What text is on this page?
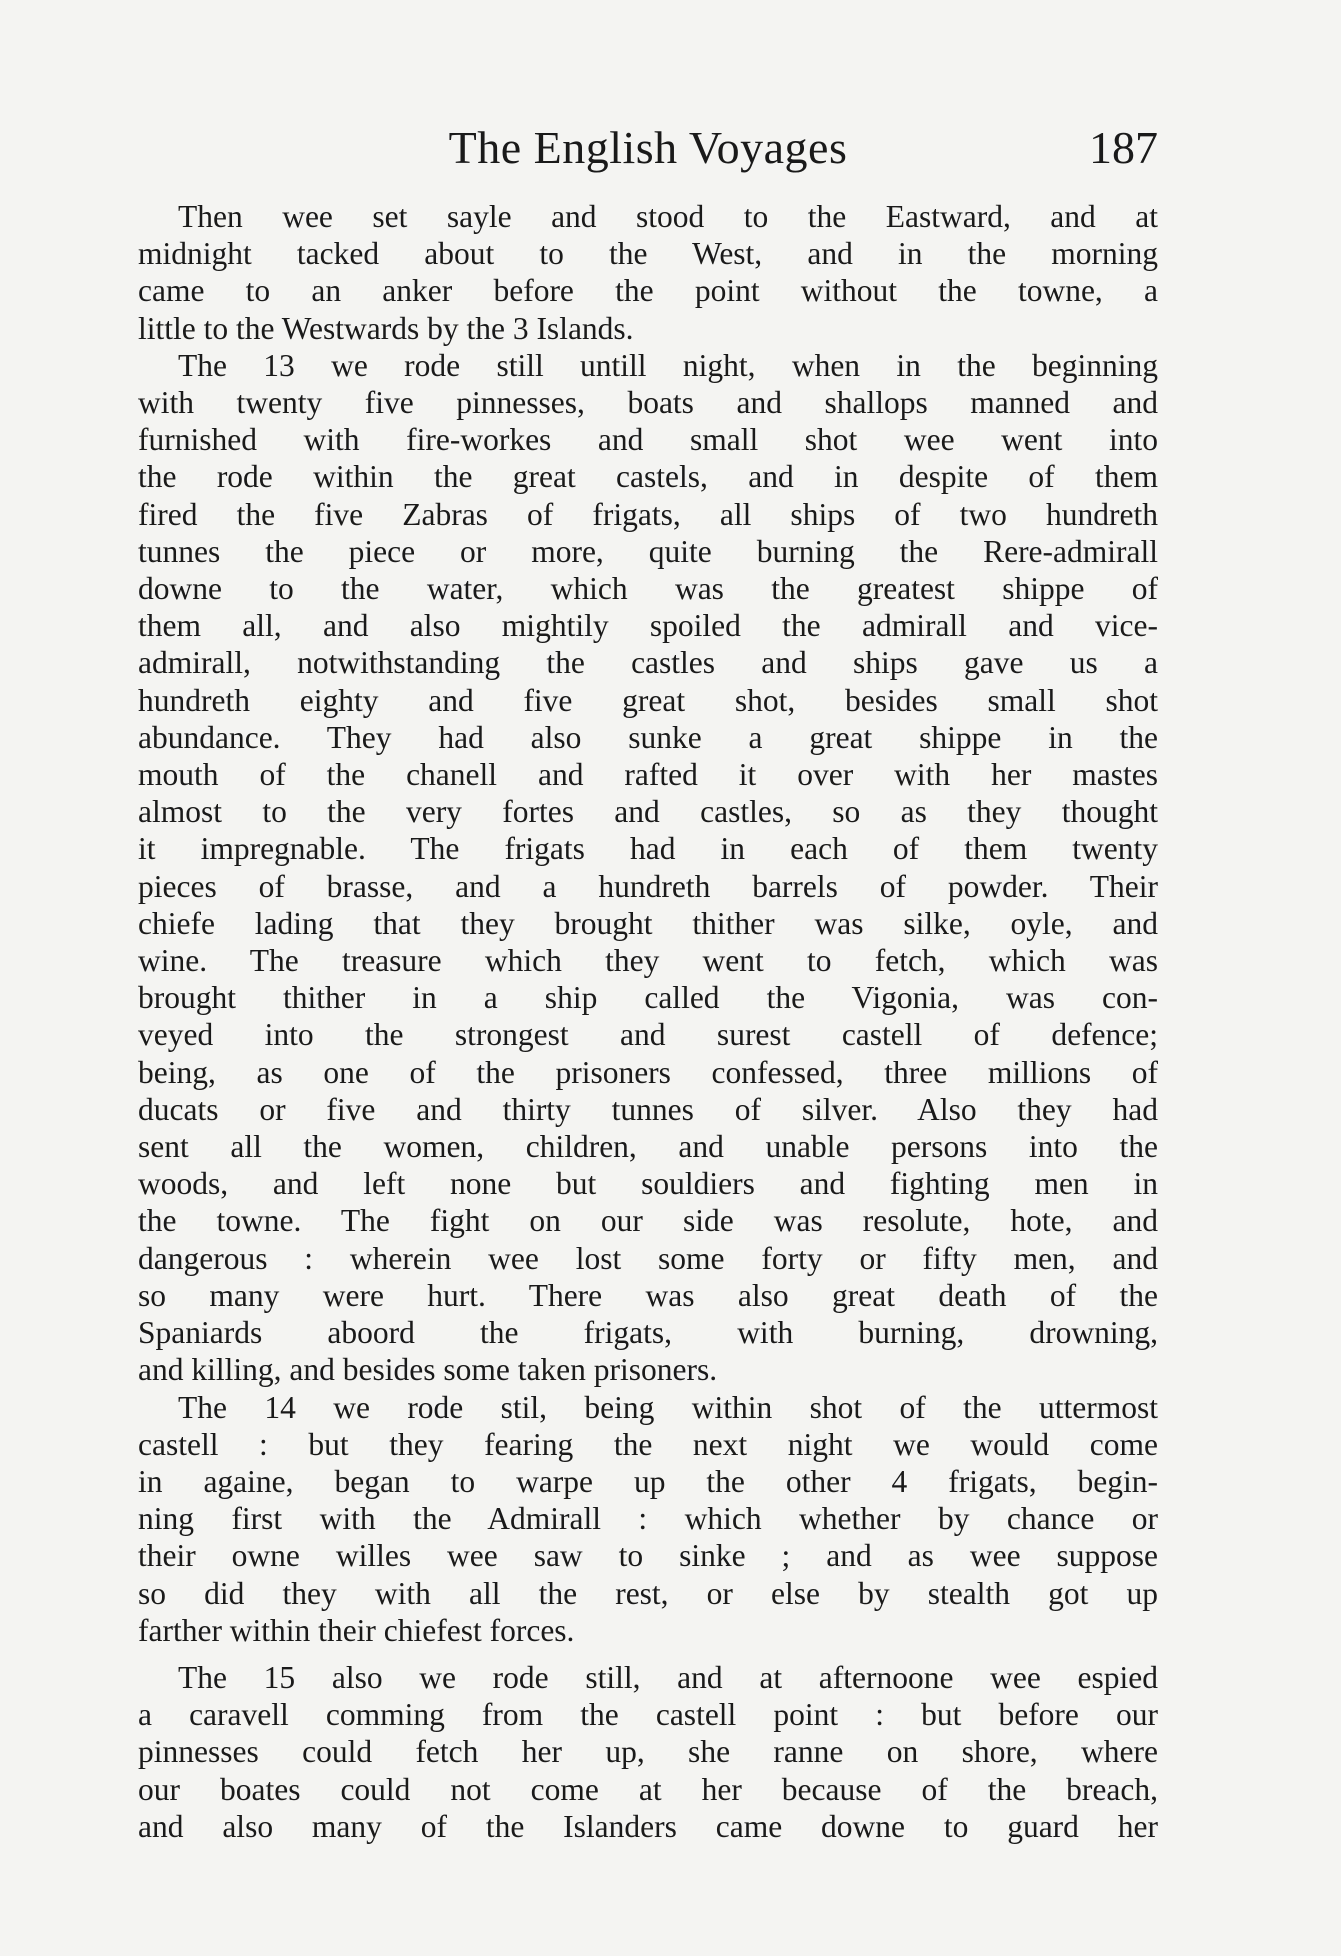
The English Voyages	187

Then wee set sayle and stood to the Eastward, and at
midnight tacked about to the West, and in the morning
came to an anker before the point without the towne, a
little to the Westwards by the 3 Islands.

The 13 we rode still untill night, when in the beginning
with twenty five pinnesses, boats and shallops manned and
furnished with fire-workes and small shot wee went into
the rode within the great castels, and in despite of them
fired the five Zabras of frigats, all ships of two hundreth
tunnes the piece or more, quite burning the Rere-admirall
downe to the water, which was the greatest shippe of
them all, and also mightily spoiled the admirall and vice-
admirall, notwithstanding the castles and ships gave us a
hundreth eighty and five great shot, besides small shot
abundance. They had also sunke a great shippe in the
mouth of the chanell and rafted it over with her mastes
almost to the very fortes and castles, so as they thought
it impregnable. The frigats had in each of them twenty
pieces of brasse, and a hundreth barrels of powder. Their
chiefe lading that they brought thither was silke, oyle, and
wine. The treasure which they went to fetch, which was
brought thither in a ship called the Vigonia, was con-
veyed into the strongest and surest castell of defence;
being, as one of the prisoners confessed, three millions of
ducats or five and thirty tunnes of silver. Also they had
sent all the women, children, and unable persons into the
woods, and left none but souldiers and fighting men in
the towne. The fight on our side was resolute, hote, and
dangerous : wherein wee lost some forty or fifty men, and
so many were hurt. There was also great death of the
Spaniards aboord the frigats, with burning, drowning,
and killing, and besides some taken prisoners.

The 14 we rode stil, being within shot of the uttermost
castell : but they fearing the next night we would come
in againe, began to warpe up the other 4 frigats, begin-
ning first with the Admirall : which whether by chance or
their owne willes wee saw to sinke ; and as wee suppose
so did they with all the rest, or else by stealth got up
farther within their chiefest forces.

The 15 also we rode still, and at afternoone wee espied
a caravell comming from the castell point : but before our
pinnesses could fetch her up, she ranne on shore, where
our boates could not come at her because of the breach,
and also many of the Islanders came downe to guard her
